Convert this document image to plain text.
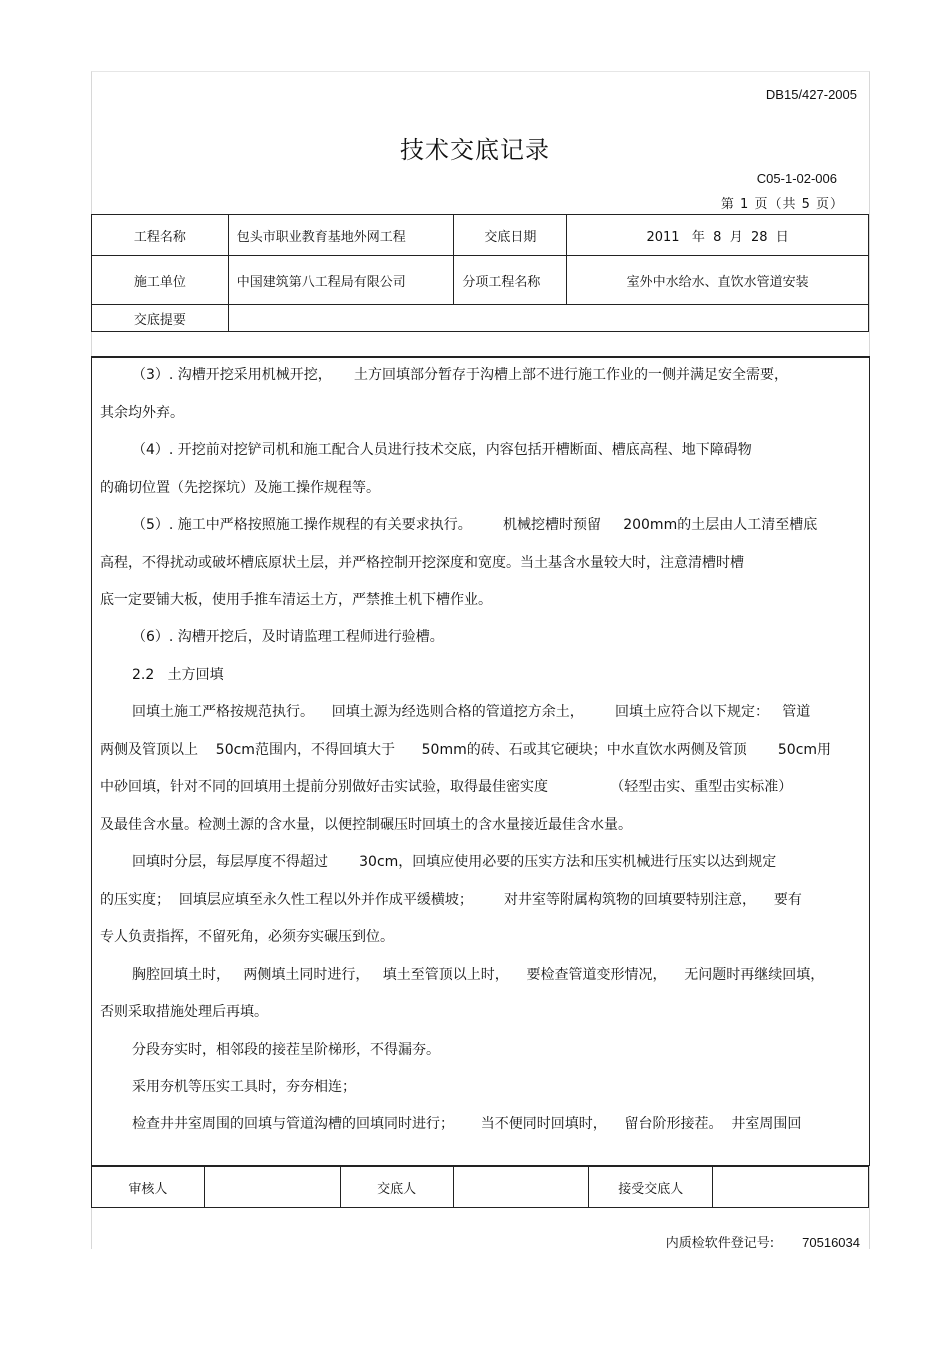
DB15/427-2005
技术交底记录
C05-1-02-006
第 1 页（共 5 页）
工程名称	包头市职业教育基地外网工程	交底日期	2011   年  8  月  28  日
施工单位	中国建筑第八工程局有限公司	分项工程名称	室外中水给水、直饮水管道安装
交底提要			
（3）. 沟槽开挖采用机械开挖，     土方回填部分暂存于沟槽上部不进行施工作业的一侧并满足安全需要，
其余均外弃。
（4）. 开挖前对挖铲司机和施工配合人员进行技术交底，内容包括开槽断面、槽底高程、地下障碍物
的确切位置（先挖探坑）及施工操作规程等。
（5）. 施工中严格按照施工操作规程的有关要求执行。       机械挖槽时预留     200mm的土层由人工清至槽底
高程，不得扰动或破坏槽底原状土层，并严格控制开挖深度和宽度。当土基含水量较大时，注意清槽时槽
底一定要铺大板，使用手推车清运土方，严禁推土机下槽作业。
（6）. 沟槽开挖后，及时请监理工程师进行验槽。
2.2   土方回填
回填土施工严格按规范执行。    回填土源为经选则合格的管道挖方余土，       回填土应符合以下规定：   管道
两侧及管顶以上    50cm范围内，不得回填大于      50mm的砖、石或其它硬块；中水直饮水两侧及管顶       50cm用
中砂回填，针对不同的回填用土提前分别做好击实试验，取得最佳密实度              （轻型击实、重型击实标准）
及最佳含水量。检测土源的含水量，以便控制碾压时回填土的含水量接近最佳含水量。
回填时分层，每层厚度不得超过       30cm，回填应使用必要的压实方法和压实机械进行压实以达到规定
的压实度；  回填层应填至永久性工程以外并作成平缓横坡；       对井室等附属构筑物的回填要特别注意，    要有
专人负责指挥，不留死角，必须夯实碾压到位。
胸腔回填土时，   两侧填土同时进行，   填土至管顶以上时，    要检查管道变形情况，    无问题时再继续回填，
否则采取措施处理后再填。
分段夯实时，相邻段的接茬呈阶梯形，不得漏夯。
采用夯机等压实工具时，夯夯相连；
检查井井室周围的回填与管道沟槽的回填同时进行；      当不便同时回填时，    留台阶形接茬。  井室周围回
审核人		交底人		接受交底人	
内质检软件登记号: 70516034
